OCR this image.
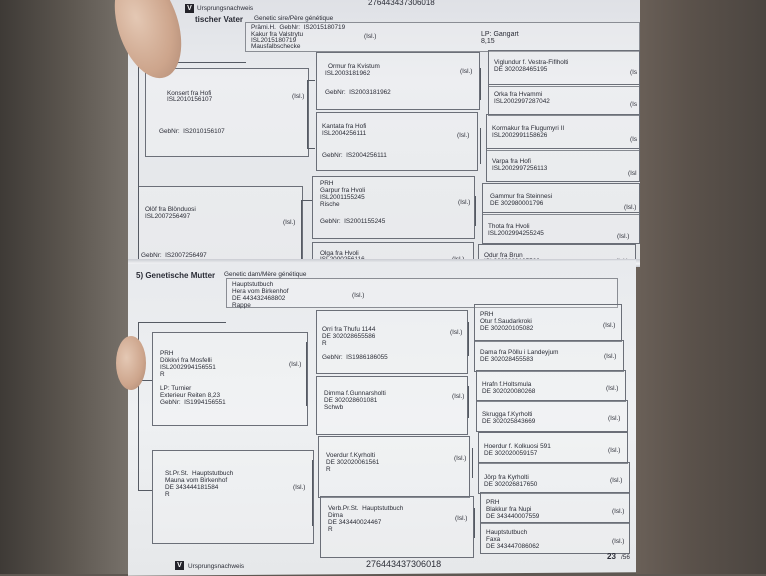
V Ursprungsnachweis
276443437306018
tischer Vater Genetic sire/Père génétique
Prämi.H.  GebNr:  IS2015180719
Kakur fra Valstrytu
ISL2015180719
Mausfalbschecke
(Isl.)	LP: Gangart
8,15
Konsert fra Hofi
ISL2010156107	(Isl.)
GebNr:  IS2010156107
Olöf fra Blönduosi
ISL2007256497
(Isl.)
GebNr:  IS2007256497
Ormur fra Kvistum
ISL2003181962	(Isl.)
GebNr:  IS2003181962
Kantata fra Hofi
ISL2004256111	(Isl.)
GebNr:  IS2004256111
PRH
Garpur fra Hvoli
ISL2001155245
Rische	(Isl.)
GebNr:  IS2001155245
Olga fra Hvoli
Viglundur f. Vestra-Fiflholti
DE 302028465195	(Is
Orka fra Hvammi
ISL2002997287042	(Is
Kormakur fra Flugumyri II
ISL2002991158626
(Is
Varpa fra Hofi
ISL2002997256113
(Isl
Gammur fra Steinnesi
DE 302980001796
(Isl.)
Thota fra Hvoli
ISL2002994255245	(Isl.)
Odur fra Brun
5) Genetische Mutter Genetic dam/Mère génétique
Hauptstutbuch
Hera vom Birkenhof
DE 443432468802
Rappe
(Isl.)
PRH
Dökkvi fra Mosfelli
ISL2002994156551
R
(Isl.)
LP: Turnier
Exterieur Reiten 8,23
GebNr:  IS1994156551
St.Pr.St.  Hauptstutbuch
Mauna vom Birkenhof
DE 343444181584
R
(Isl.)
Orri fra Thufu 1144
DE 302028655586
R
(Isl.)
GebNr:  IS1986186055
Dimma f.Gunnarsholti
DE 302028601081
Schwb
(Isl.)
Voerdur f.Kyrholti
DE 302020061561
R
(Isl.)
Verb.Pr.St.  Hauptstutbuch
Dima
DE 343440024467
R
(Isl.)
PRH
Otur f.Saudarkroki
DE 302020105082	(Isl.)
Dama fra Pöllu i Landeyjum
DE 302028455583	(Isl.)
Hrafn f.Holtsmula
DE 302020080268	(Isl.)
Skrugga f.Kyrholti
DE 302025843669	(Isl.)
Hoerdur f. Kolkuosi 591
DE 302020059157	(Isl.)
Jörp fra Kyrholti
DE 302026817650
(Isl.)
PRH
Blakkur fra Nupi
DE 343440007559
(Isl.)
Hauptstutbuch
Faxa
DE 343447086062
(Isl.)
V Ursprungsnachweis	276443437306018
23 /56
